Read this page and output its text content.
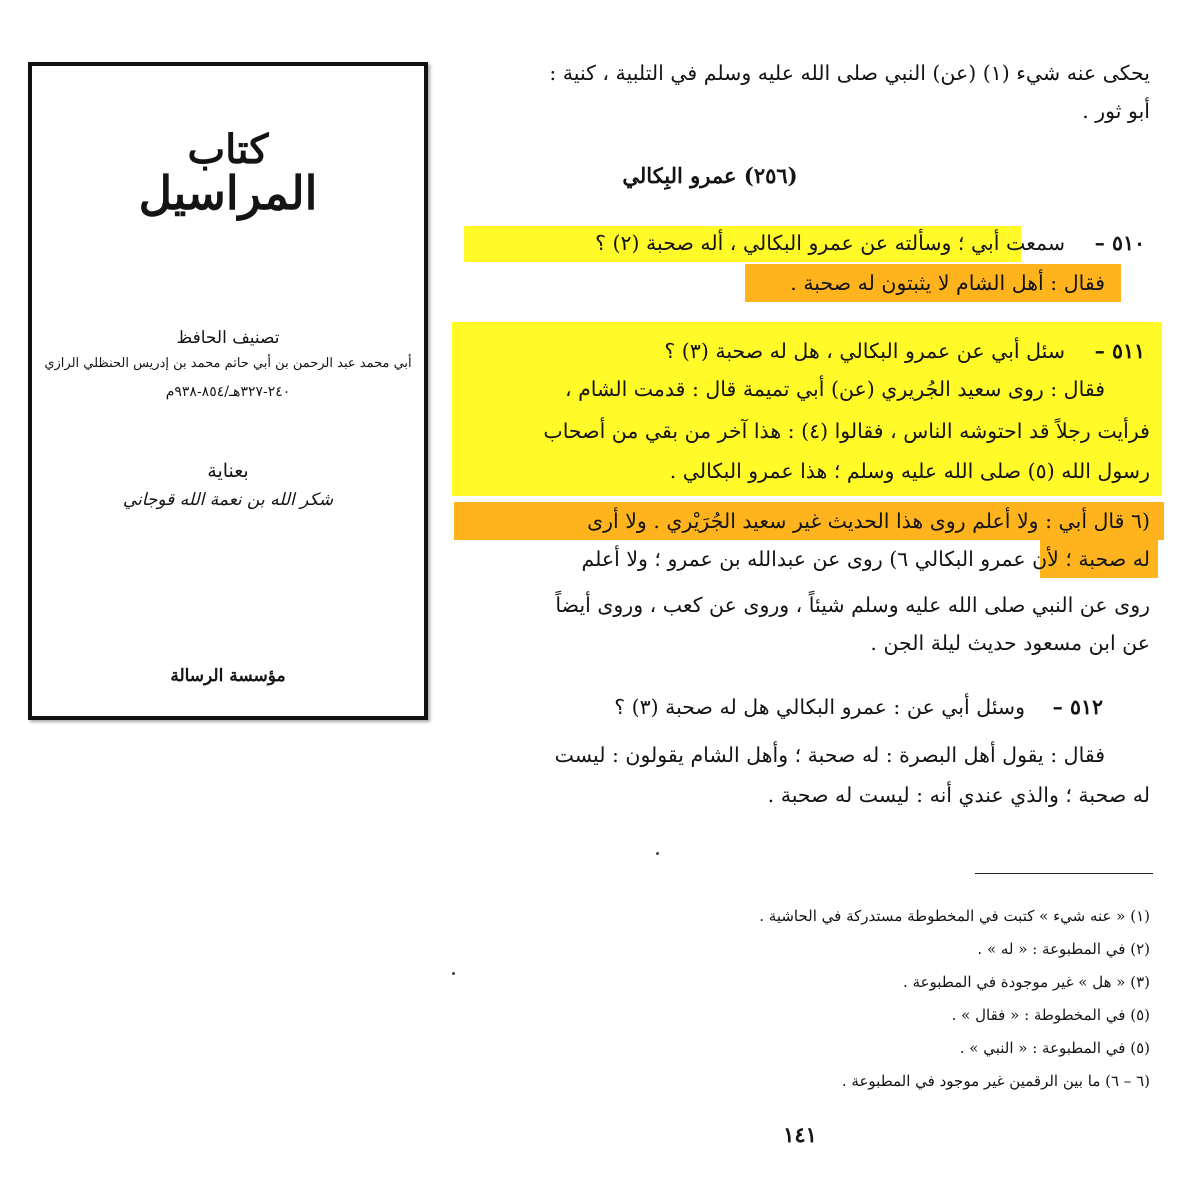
كتاب
المراسيل
تصنيف الحافظ
أبي محمد عبد الرحمن بن أبي حاتم محمد بن إدريس الحنظلي الرازي
٢٤٠-٣٢٧هـ/٨٥٤-٩٣٨م
بعناية
شكر الله بن نعمة الله قوجاني
مؤسسة الرسالة
يحكى عنه شيء (١) (عن) النبي صلى الله عليه وسلم في التلبية ، كنية :
أبو ثور .
(٢٥٦) عمرو البِكالي
٥١٠ –
سمعت أبي ؛ وسألته عن عمرو البكالي ، أله صحبة (٢) ؟
فقال : أهل الشام لا يثبتون له صحبة .
٥١١ –
سئل أبي عن عمرو البكالي ، هل له صحبة (٣) ؟
فقال : روى سعيد الجُريري (عن) أبي تميمة قال : قدمت الشام ،
فرأيت رجلاً قد احتوشه الناس ، فقالوا (٤) : هذا آخر من بقي من أصحاب
رسول الله (٥) صلى الله عليه وسلم ؛ هذا عمرو البكالي .
(٦ قال أبي : ولا أعلم روى هذا الحديث غير سعيد الجُرَيْري . ولا أرى
له صحبة ؛ لأن عمرو البكالي ٦) روى عن عبدالله بن عمرو ؛ ولا أعلم
روى عن النبي صلى الله عليه وسلم شيئاً ، وروى عن كعب ، وروى أيضاً
عن ابن مسعود حديث ليلة الجن .
٥١٢ –
وسئل أبي عن : عمرو البكالي هل له صحبة (٣) ؟
فقال : يقول أهل البصرة : له صحبة ؛ وأهل الشام يقولون : ليست
له صحبة ؛ والذي عندي أنه : ليست له صحبة .
(١) « عنه شيء » كتبت في المخطوطة مستدركة في الحاشية .
(٢) في المطبوعة : « له » .
(٣) « هل » غير موجودة في المطبوعة .
(٥) في المخطوطة : « فقال » .
(٥) في المطبوعة : « النبي » .
(٦ – ٦) ما بين الرقمين غير موجود في المطبوعة .
١٤١
